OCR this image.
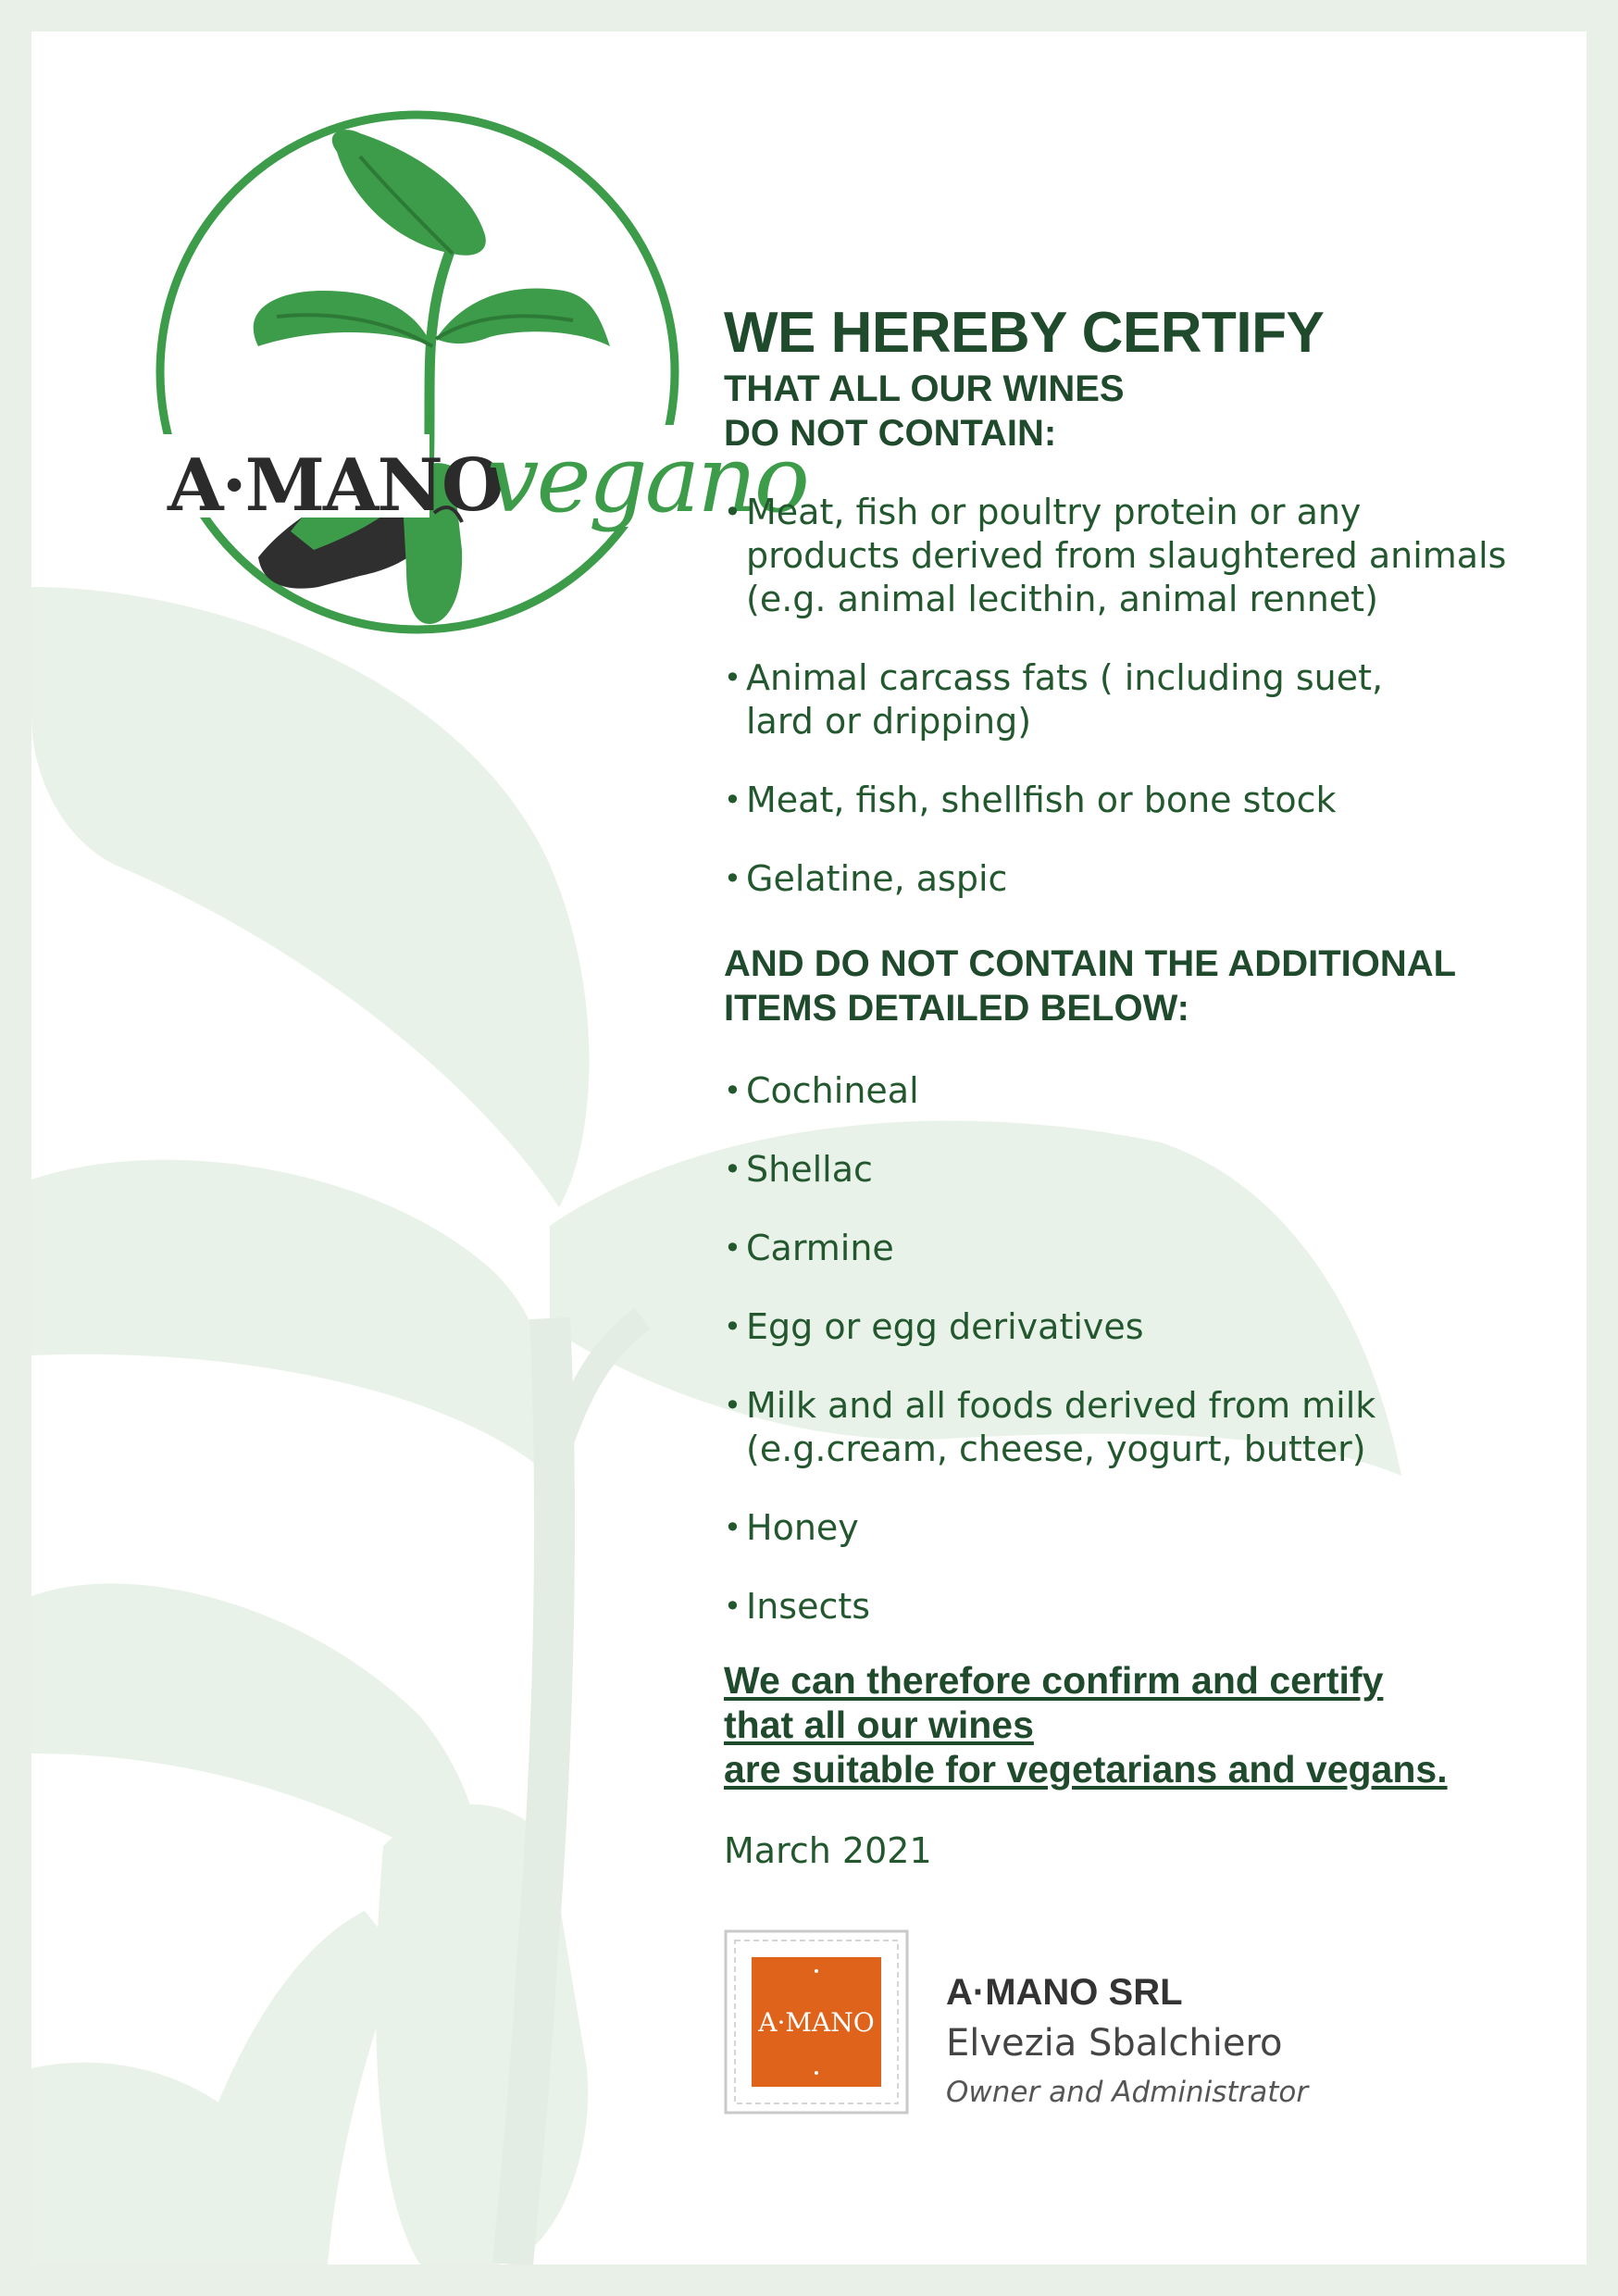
A·MANO
vegano
WE HEREBY CERTIFY

THAT ALL OUR WINES

DO NOT CONTAIN:

• Meat, fish or poultry protein or any
products derived from slaughtered animals
(e.g. animal lecithin, animal rennet)
• Animal carcass fats ( including suet,
lard or dripping)
• Meat, fish, shellfish or bone stock
• Gelatine, aspic

AND DO NOT CONTAIN THE ADDITIONAL

ITEMS DETAILED BELOW:

• Cochineal
• Shellac
• Carmine
• Egg or egg derivatives
• Milk and all foods derived from milk
(e.g.cream, cheese, yogurt, butter)
• Honey
• Insects
We can therefore confirm and certify
that all our wines
are suitable for vegetarians and vegans.
March 2021
A·MANO
A·MANO SRL
Elvezia Sbalchiero
Owner and Administrator
